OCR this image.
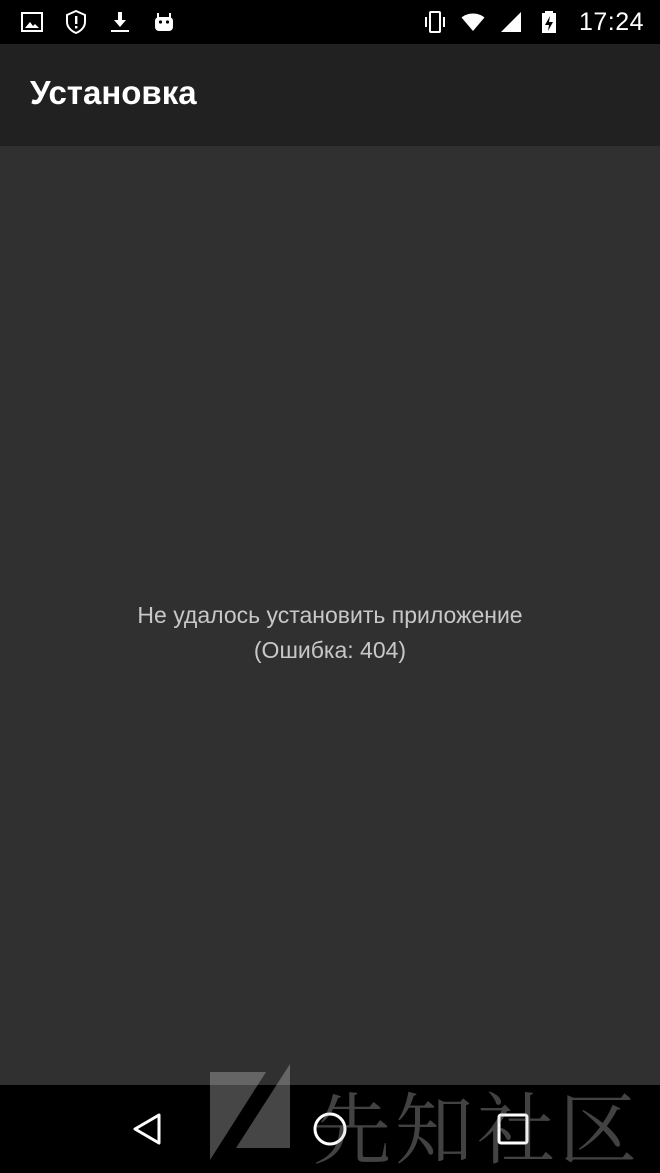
17:24
Установка
Не удалось установить приложение
(Ошибка: 404)
先知社区
